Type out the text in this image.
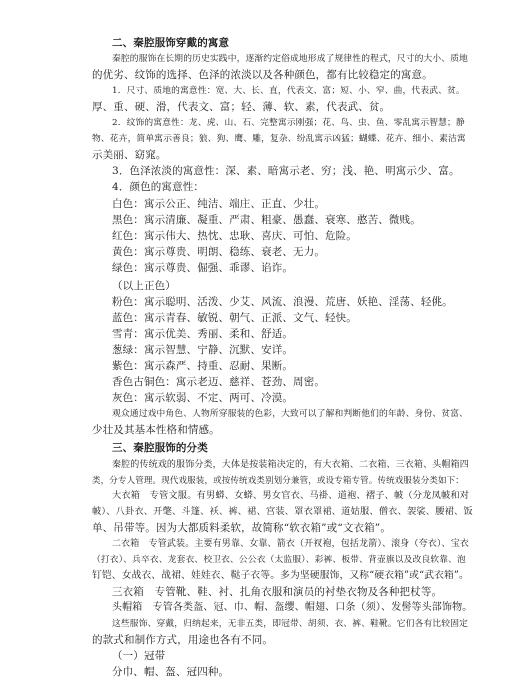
二、秦腔服饰穿戴的寓意
秦腔的服饰在长期的历史实践中，逐渐约定俗成地形成了规律性的程式，尺寸的大小、质地
的优劣、纹饰的选择、色泽的浓淡以及各种颜色，都有比较稳定的寓意。
1．尺寸、质地的寓意性：宽、大、长、直，代表文、富；短、小、窄、曲，代表武、贫。
厚、重、硬、滑，代表文、富；轻、薄、软、素，代表武、贫。
2．纹饰的寓意性：龙、虎、山、石、完整寓示刚强；花、鸟、虫、鱼、零乱寓示智慧；静
物、花卉，简单寓示善良；狼、狗、鹰、雕，复杂、纷乱寓示凶猛；蝴蝶、花卉、细小、素洁寓
示美丽、窈窕。
3．色泽浓淡的寓意性：深、素、暗寓示老、穷；浅、艳、明寓示少、富。
4．颜色的寓意性：
白色：寓示公正、纯洁、端庄、正直、少壮。
黑色：寓示清廉、凝重、严肃、粗豪、愚蠢、衰寒、憨苦、微贱。
红色：寓示伟大、热忱、忠耿、喜庆、可怕、危险。
黄色：寓示尊贵、明朗、稳练、衰老、无力。
绿色：寓示尊贵、倔强、乖谬、谄诈。
（以上正色）
粉色：寓示聪明、活泼、少艾、风流、浪漫、荒唐、妖艳、淫荡、轻佻。
蓝色：寓示青春、敏锐、朝气、正派、文气、轻快。
雪青：寓示优美、秀丽、柔和、舒适。
葱绿：寓示智慧、宁静、沉默、安详。
紫色：寓示森严、持重、忍耐、果断。
香色古铜色：寓示老迈、慈祥、苍劲、周密。
灰色：寓示软弱、不定、两可、冷漠。
观众通过戏中角色、人物所穿服装的色彩，大致可以了解和判断他们的年龄、身份、贫富、
少壮及其基本性格和情感。
三、秦腔服饰的分类
秦腔的传统戏的服饰分类，大体是按装箱决定的，有大衣箱、二衣箱、三衣箱、头帽箱四
类，分专人管理。现代戏服装，或按传统戏类别划分兼管，或设专箱专管。传统戏服装分类如下：
大衣箱　专管文服。有男蟒、女蟒、男女官衣、马褂、道袍、褶子、帔（分龙凤帔和对
帔）、八卦衣、开氅、斗篷、袄、裤、裙、宫装、罩衣罩裙、道姑服、僧衣、袈裟、腰裙、饭
单、吊带等。因为大都质料柔软，故简称“软衣箱”或“文衣箱”。
二衣箱　专管武装。主要有男靠、女靠、箭衣（开衩袍，包括龙箭）、滚身（夸衣）、宝衣
（打衣）、兵卒衣、龙套衣、校卫衣、公公衣（太监服）、彩裤、板带、背壶旗以及改良软靠、泡
钉铠、女战衣、战裙、娃娃衣、鞑子衣等。多为坚硬服饰，又称“硬衣箱”或“武衣箱”。
三衣箱　专管靴、鞋、衬、扎角衣服和演员的衬垫衣物及各种把杖等。
头帽箱　专管各类盔、冠、巾、帽、盔缨、帽翅、口条（须）、发髻等头部饰物。
这些服饰、穿戴，归纳起来，无非五类，即冠带、胡须、衣、裤、鞋靴。它们各有比较固定
的款式和制作方式，用途也各有不同。
（一）冠带
分巾、帽、盔、冠四种。
